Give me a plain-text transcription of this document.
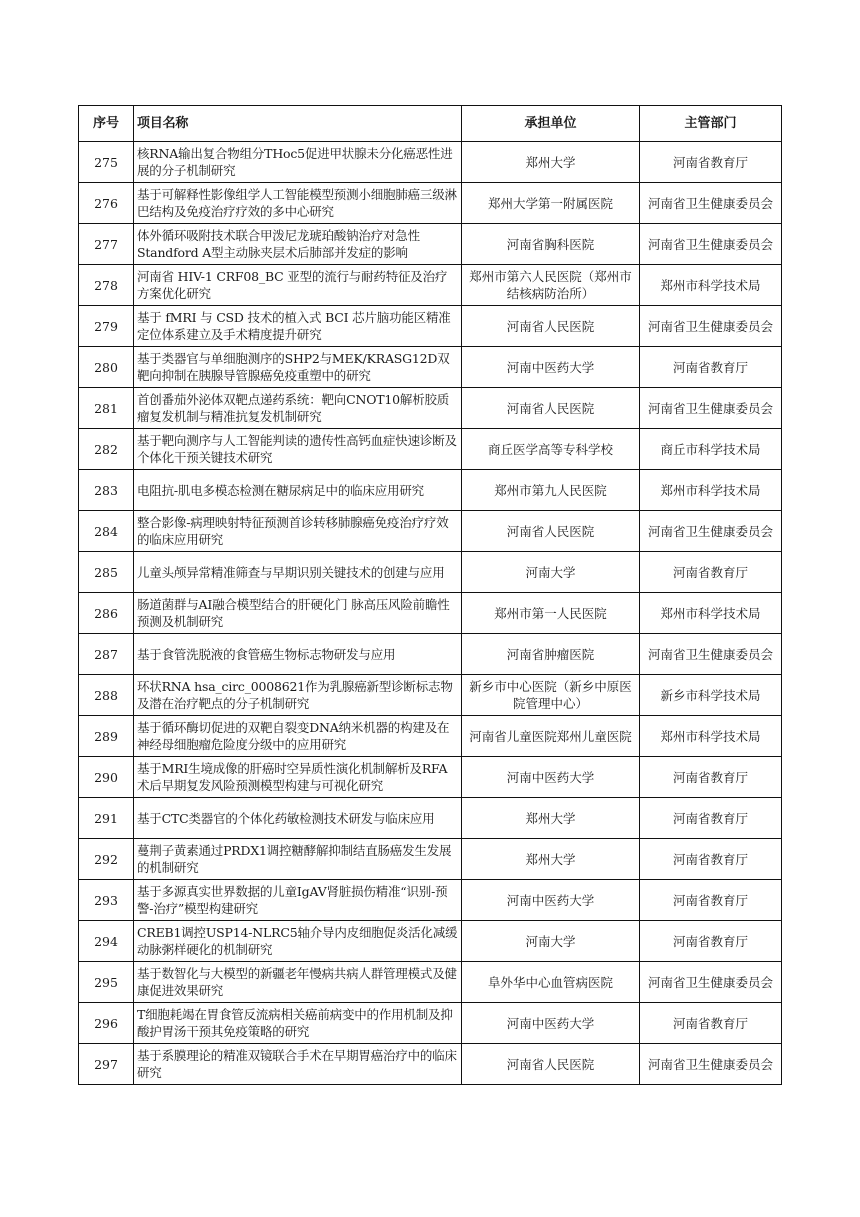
序号	项目名称	承担单位	主管部门
275	核RNA输出复合物组分THoc5促进甲状腺未分化癌恶性进展的分子机制研究	郑州大学	河南省教育厅
276	基于可解释性影像组学人工智能模型预测小细胞肺癌三级淋巴结构及免疫治疗疗效的多中心研究	郑州大学第一附属医院	河南省卫生健康委员会
277	体外循环吸附技术联合甲泼尼龙琥珀酸钠治疗对急性Standford A型主动脉夹层术后肺部并发症的影响	河南省胸科医院	河南省卫生健康委员会
278	河南省 HIV-1 CRF08_BC 亚型的流行与耐药特征及治疗方案优化研究	郑州市第六人民医院（郑州市结核病防治所）	郑州市科学技术局
279	基于 fMRI 与 CSD 技术的植入式 BCI 芯片脑功能区精准定位体系建立及手术精度提升研究	河南省人民医院	河南省卫生健康委员会
280	基于类器官与单细胞测序的SHP2与MEK/KRASG12D双靶向抑制在胰腺导管腺癌免疫重塑中的研究	河南中医药大学	河南省教育厅
281	首创番茄外泌体双靶点递药系统：靶向CNOT10解析胶质瘤复发机制与精准抗复发机制研究	河南省人民医院	河南省卫生健康委员会
282	基于靶向测序与人工智能判读的遗传性高钙血症快速诊断及个体化干预关键技术研究	商丘医学高等专科学校	商丘市科学技术局
283	电阻抗-肌电多模态检测在糖尿病足中的临床应用研究	郑州市第九人民医院	郑州市科学技术局
284	整合影像-病理映射特征预测首诊转移肺腺癌免疫治疗疗效的临床应用研究	河南省人民医院	河南省卫生健康委员会
285	儿童头颅异常精准筛查与早期识别关键技术的创建与应用	河南大学	河南省教育厅
286	肠道菌群与AI融合模型结合的肝硬化门 脉高压风险前瞻性预测及机制研究	郑州市第一人民医院	郑州市科学技术局
287	基于食管洗脱液的食管癌生物标志物研发与应用	河南省肿瘤医院	河南省卫生健康委员会
288	环状RNA hsa_circ_0008621作为乳腺癌新型诊断标志物及潜在治疗靶点的分子机制研究	新乡市中心医院（新乡中原医院管理中心）	新乡市科学技术局
289	基于循环酶切促进的双靶自裂变DNA纳米机器的构建及在神经母细胞瘤危险度分级中的应用研究	河南省儿童医院郑州儿童医院	郑州市科学技术局
290	基于MRI生境成像的肝癌时空异质性演化机制解析及RFA术后早期复发风险预测模型构建与可视化研究	河南中医药大学	河南省教育厅
291	基于CTC类器官的个体化药敏检测技术研发与临床应用	郑州大学	河南省教育厅
292	蔓荆子黄素通过PRDX1调控糖酵解抑制结直肠癌发生发展的机制研究	郑州大学	河南省教育厅
293	基于多源真实世界数据的儿童IgAV肾脏损伤精准“识别-预警-治疗”模型构建研究	河南中医药大学	河南省教育厅
294	CREB1调控USP14-NLRC5轴介导内皮细胞促炎活化减缓动脉粥样硬化的机制研究	河南大学	河南省教育厅
295	基于数智化与大模型的新疆老年慢病共病人群管理模式及健康促进效果研究	阜外华中心血管病医院	河南省卫生健康委员会
296	T细胞耗竭在胃食管反流病相关癌前病变中的作用机制及抑酸护胃汤干预其免疫策略的研究	河南中医药大学	河南省教育厅
297	基于系膜理论的精准双镜联合手术在早期胃癌治疗中的临床研究	河南省人民医院	河南省卫生健康委员会
